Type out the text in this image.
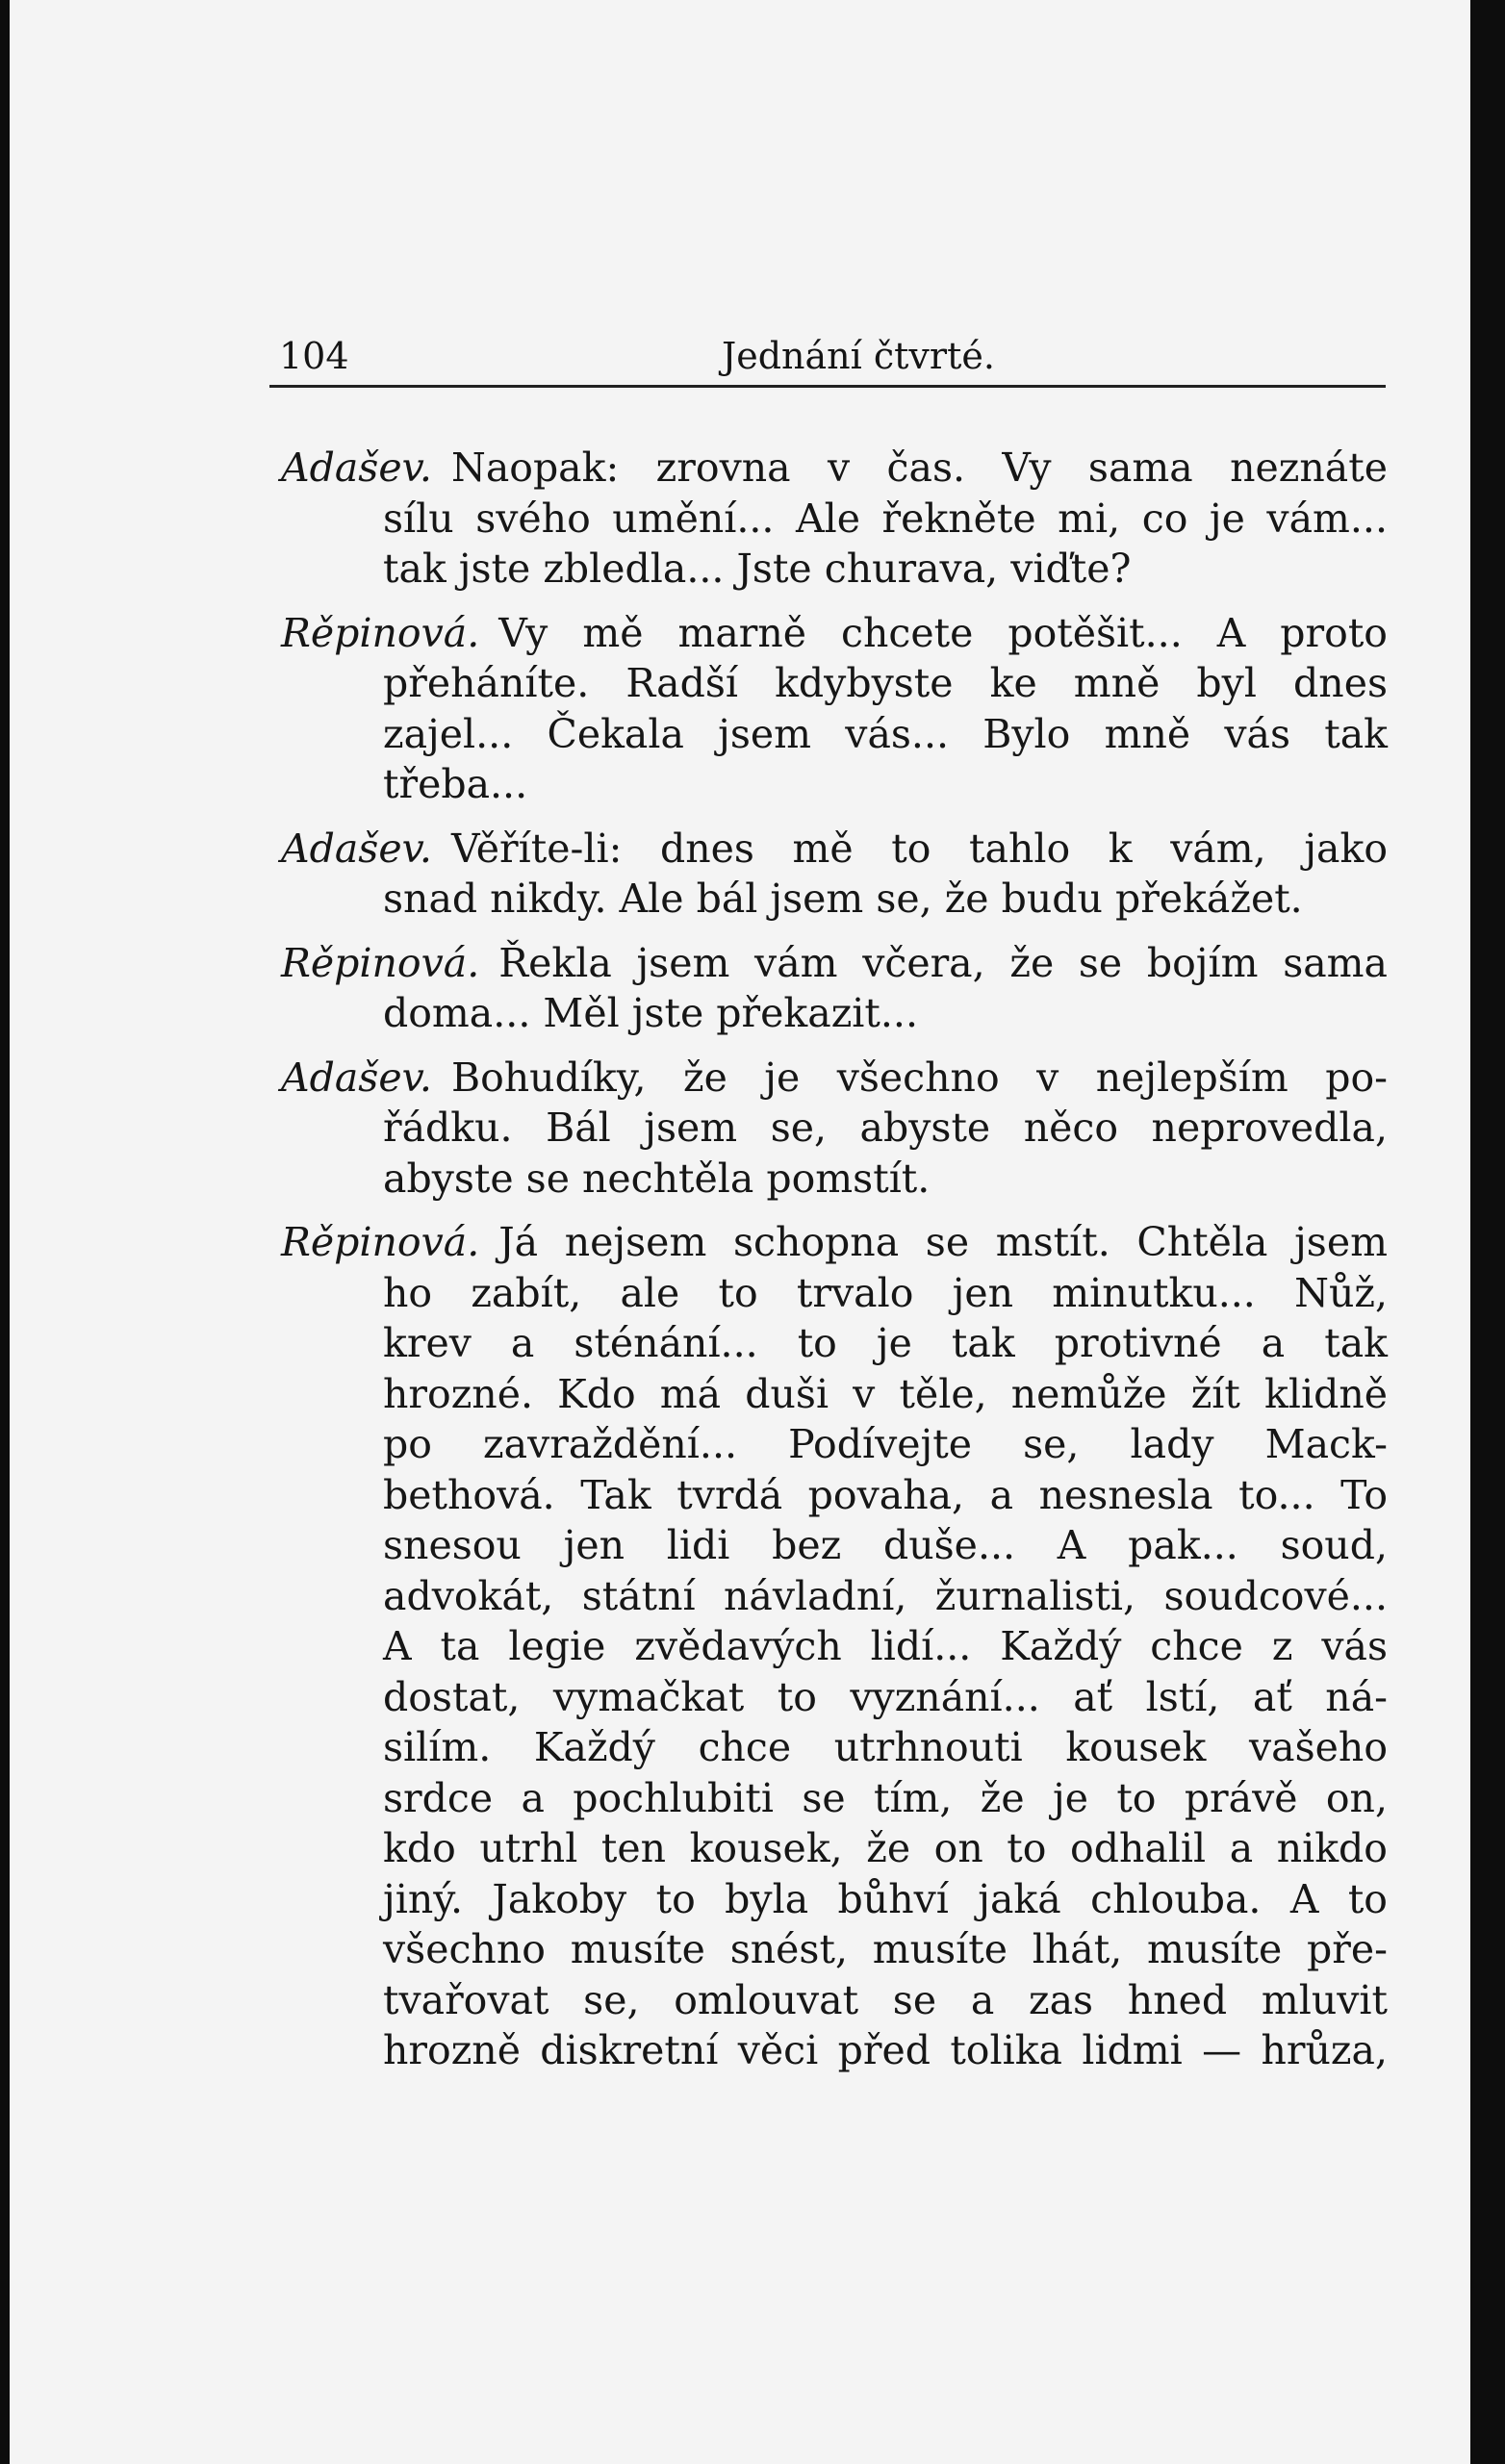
104	Jednání čtvrté.
Adašev. Naopak: zrovna v čas. Vy sama neznáte
sílu svého umění... Ale řekněte mi, co je vám...
tak jste zbledla... Jste churava, viďte?
Rěpinová. Vy mě marně chcete potěšit... A proto
přeháníte. Radší kdybyste ke mně byl dnes
zajel... Čekala jsem vás... Bylo mně vás tak
třeba...
Adašev. Věříte-li: dnes mě to tahlo k vám, jako
snad nikdy. Ale bál jsem se, že budu překážet.
Rěpinová. Řekla jsem vám včera, že se bojím sama
doma... Měl jste překazit...
Adašev. Bohudíky, že je všechno v nejlepším po-
řádku. Bál jsem se, abyste něco neprovedla,
abyste se nechtěla pomstít.
Rěpinová. Já nejsem schopna se mstít. Chtěla jsem
ho zabít, ale to trvalo jen minutku... Nůž,
krev a sténání... to je tak protivné a tak
hrozné. Kdo má duši v těle, nemůže žít klidně
po zavraždění... Podívejte se, lady Mack-
bethová. Tak tvrdá povaha, a nesnesla to... To
snesou jen lidi bez duše... A pak... soud,
advokát, státní návladní, žurnalisti, soudcové...
A ta legie zvědavých lidí... Každý chce z vás
dostat, vymačkat to vyznání... ať lstí, ať ná-
silím. Každý chce utrhnouti kousek vašeho
srdce a pochlubiti se tím, že je to právě on,
kdo utrhl ten kousek, že on to odhalil a nikdo
jiný. Jakoby to byla bůhví jaká chlouba. A to
všechno musíte snést, musíte lhát, musíte pře-
tvařovat se, omlouvat se a zas hned mluvit
hrozně diskretní věci před tolika lidmi — hrůza,
